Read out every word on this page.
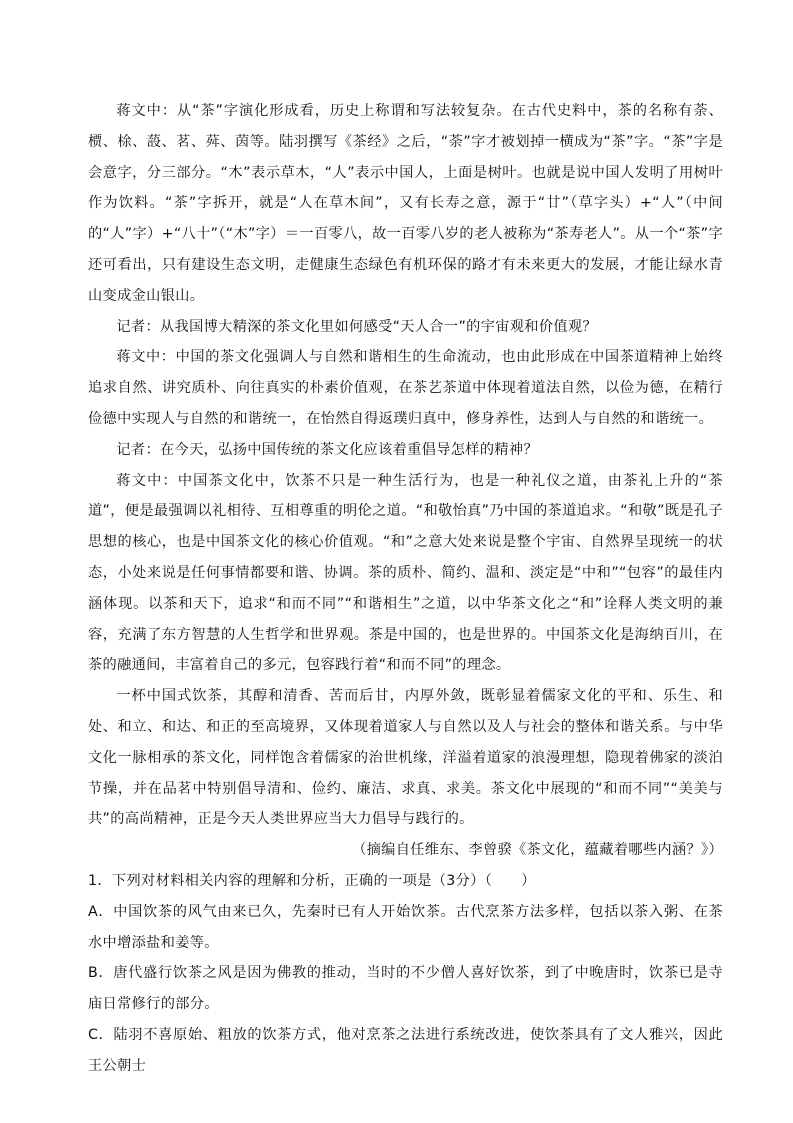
蒋文中：从“茶”字演化形成看，历史上称谓和写法较复杂。在古代史料中，茶的名称有荼、槚、梌、蔎、茗、荈、茵等。陆羽撰写《茶经》之后，“荼”字才被划掉一横成为“茶”字。“茶”字是会意字，分三部分。“木”表示草木，“人”表示中国人，上面是树叶。也就是说中国人发明了用树叶作为饮料。“茶”字拆开，就是“人在草木间”，又有长寿之意，源于“廿”（草字头）+“人”（中间的“人”字）+“八十”（“木”字）＝一百零八，故一百零八岁的老人被称为“茶寿老人”。从一个“茶”字还可看出，只有建设生态文明，走健康生态绿色有机环保的路才有未来更大的发展，才能让绿水青山变成金山银山。

记者：从我国博大精深的茶文化里如何感受“天人合一”的宇宙观和价值观？

蒋文中：中国的茶文化强调人与自然和谐相生的生命流动，也由此形成在中国茶道精神上始终追求自然、讲究质朴、向往真实的朴素价值观，在茶艺茶道中体现着道法自然，以俭为德，在精行俭德中实现人与自然的和谐统一，在怡然自得返璞归真中，修身养性，达到人与自然的和谐统一。

记者：在今天，弘扬中国传统的茶文化应该着重倡导怎样的精神？

蒋文中：中国茶文化中，饮茶不只是一种生活行为，也是一种礼仪之道，由茶礼上升的“茶道”，便是最强调以礼相待、互相尊重的明伦之道。“和敬怡真”乃中国的茶道追求。“和敬”既是孔子思想的核心，也是中国茶文化的核心价值观。“和”之意大处来说是整个宇宙、自然界呈现统一的状态，小处来说是任何事情都要和谐、协调。茶的质朴、简约、温和、淡定是“中和”“包容”的最佳内涵体现。以茶和天下，追求“和而不同”“和谐相生”之道，以中华茶文化之“和”诠释人类文明的兼容，充满了东方智慧的人生哲学和世界观。茶是中国的，也是世界的。中国茶文化是海纳百川，在茶的融通间，丰富着自己的多元，包容践行着“和而不同”的理念。

一杯中国式饮茶，其醇和清香、苦而后甘，内厚外敛，既彰显着儒家文化的平和、乐生、和处、和立、和达、和正的至高境界，又体现着道家人与自然以及人与社会的整体和谐关系。与中华文化一脉相承的茶文化，同样饱含着儒家的治世机缘，洋溢着道家的浪漫理想，隐现着佛家的淡泊节操，并在品茗中特别倡导清和、俭约、廉洁、求真、求美。茶文化中展现的“和而不同”“美美与共”的高尚精神，正是今天人类世界应当大力倡导与践行的。

（摘编自任维东、李曾骙《茶文化，蕴藏着哪些内涵？》）

1．下列对材料相关内容的理解和分析，正确的一项是（3分）（　　）

A．中国饮茶的风气由来已久，先秦时已有人开始饮茶。古代烹茶方法多样，包括以茶入粥、在茶水中增添盐和姜等。

B．唐代盛行饮茶之风是因为佛教的推动，当时的不少僧人喜好饮茶，到了中晚唐时，饮茶已是寺庙日常修行的部分。

C．陆羽不喜原始、粗放的饮茶方式，他对烹茶之法进行系统改进，使饮茶具有了文人雅兴，因此王公朝士
